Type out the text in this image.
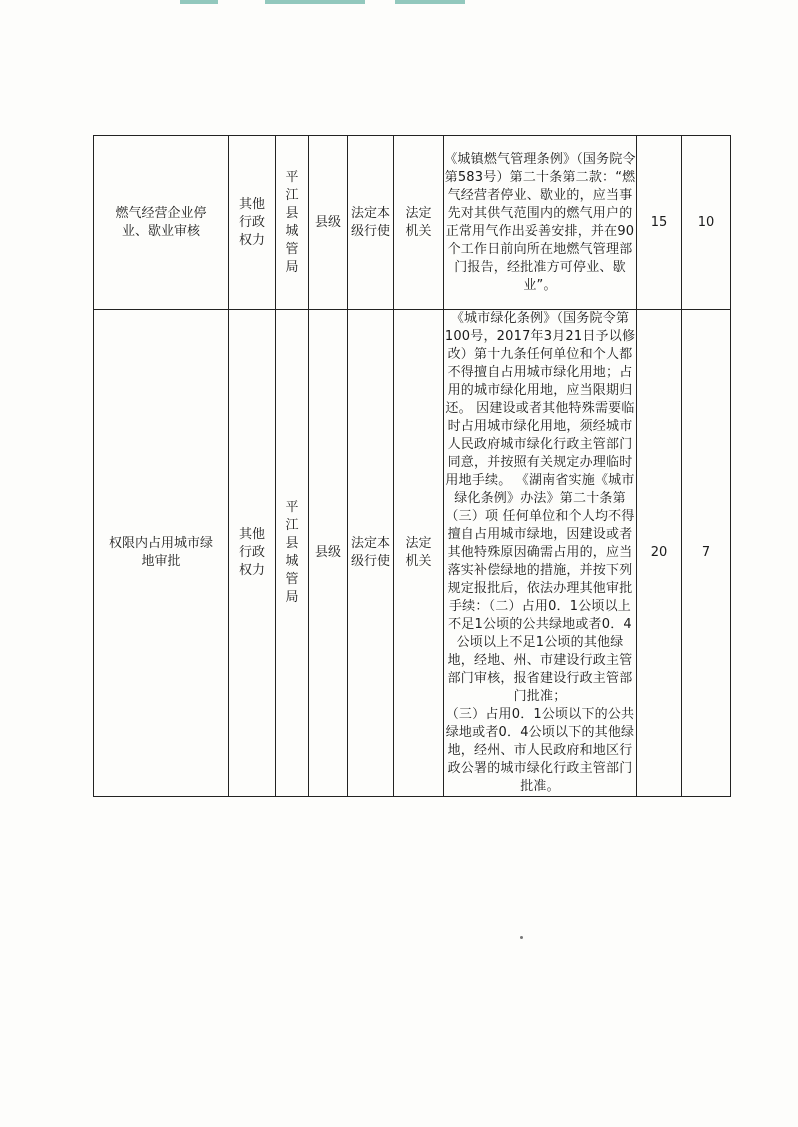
燃气经营企业停业、歇业审核	其他行政权力	平江县城管局	县级	法定本级行使	法定机关	《城镇燃气管理条例》（国务院令第583号）第二十条第二款：“燃气经营者停业、歇业的，应当事先对其供气范围内的燃气用户的正常用气作出妥善安排，并在90个工作日前向所在地燃气管理部门报告，经批准方可停业、歇业”。	15	10
权限内占用城市绿地审批	其他行政权力	平江县城管局	县级	法定本级行使	法定机关	《城市绿化条例》（国务院令第100号，2017年3月21日予以修改）第十九条任何单位和个人都不得擅自占用城市绿化用地；占用的城市绿化用地，应当限期归还。 因建设或者其他特殊需要临时占用城市绿化用地，须经城市人民政府城市绿化行政主管部门同意，并按照有关规定办理临时用地手续。 《湖南省实施《城市绿化条例》办法》第二十条第（三）项 任何单位和个人均不得擅自占用城市绿地，因建设或者其他特殊原因确需占用的，应当落实补偿绿地的措施，并按下列规定报批后，依法办理其他审批手续：（二）占用0．1公顷以上不足1公顷的公共绿地或者0．4公顷以上不足1公顷的其他绿地，经地、州、市建设行政主管部门审核，报省建设行政主管部门批准；
（三）占用0．1公顷以下的公共绿地或者0．4公顷以下的其他绿地，经州、市人民政府和地区行政公署的城市绿化行政主管部门批准。	20	7
